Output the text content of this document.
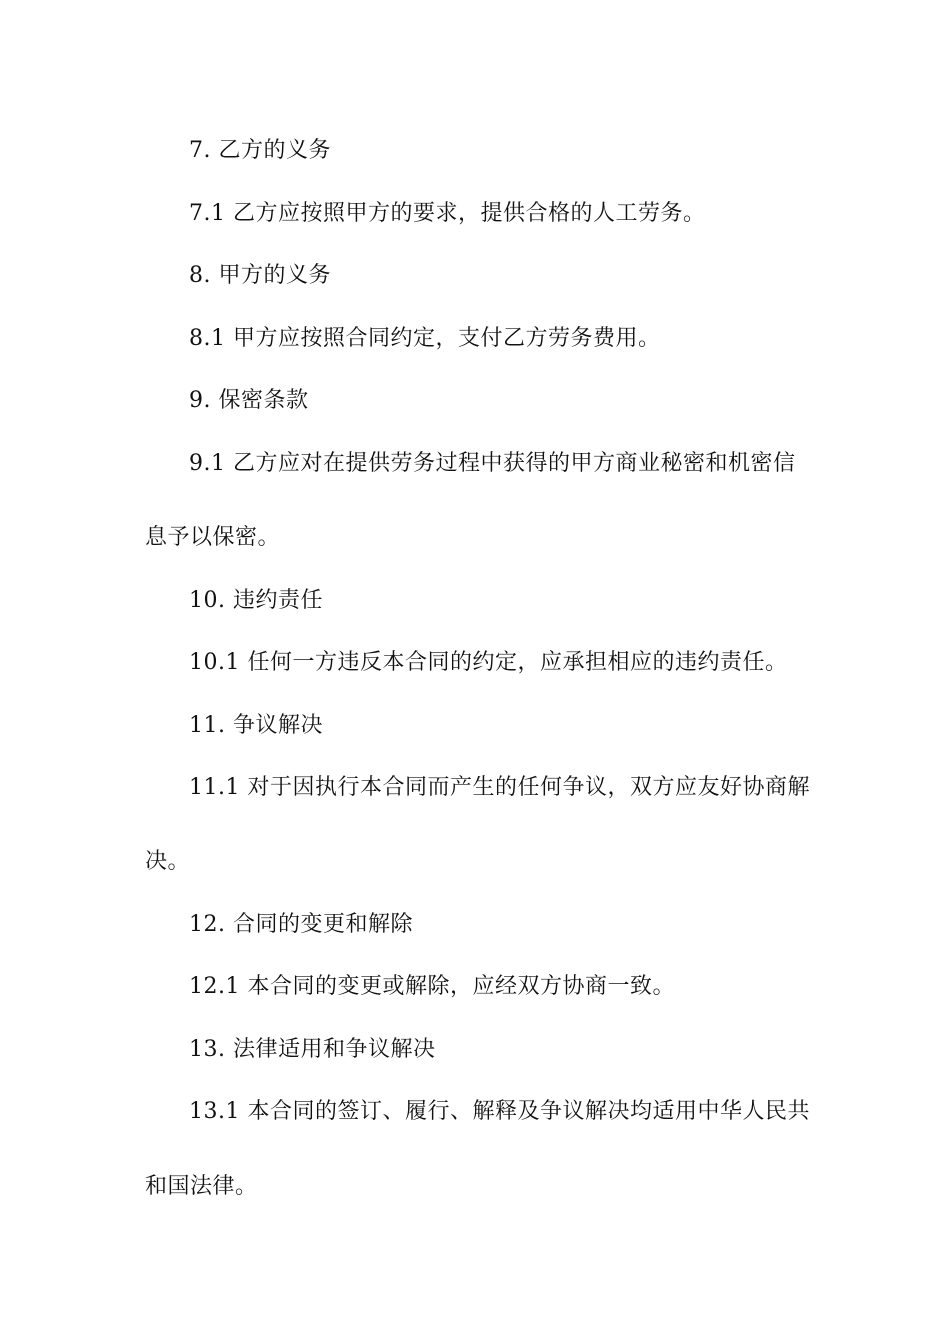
7. 乙方的义务
7.1 乙方应按照甲方的要求，提供合格的人工劳务。
8. 甲方的义务
8.1 甲方应按照合同约定，支付乙方劳务费用。
9. 保密条款
9.1 乙方应对在提供劳务过程中获得的甲方商业秘密和机密信
息予以保密。
10. 违约责任
10.1 任何一方违反本合同的约定，应承担相应的违约责任。
11. 争议解决
11.1 对于因执行本合同而产生的任何争议，双方应友好协商解
决。
12. 合同的变更和解除
12.1 本合同的变更或解除，应经双方协商一致。
13. 法律适用和争议解决
13.1 本合同的签订、履行、解释及争议解决均适用中华人民共
和国法律。
